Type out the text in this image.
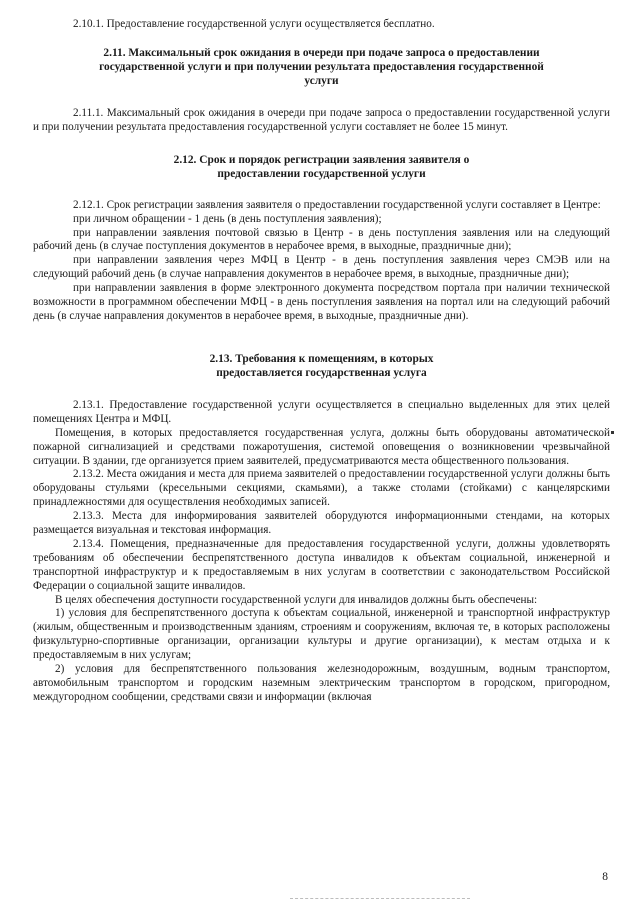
2.10.1. Предоставление государственной услуги осуществляется бесплатно.

2.11. Максимальный срок ожидания в очереди при подаче запроса о предоставлении государственной услуги и при получении результата предоставления государственной услуги

2.11.1. Максимальный срок ожидания в очереди при подаче запроса о предоставлении государственной услуги и при получении результата предоставления государственной услуги составляет не более 15 минут.

2.12. Срок и порядок регистрации заявления заявителя о предоставлении государственной услуги

2.12.1. Срок регистрации заявления заявителя о предоставлении государственной услуги составляет в Центре:

при личном обращении - 1 день (в день поступления заявления);

при направлении заявления почтовой связью в Центр - в день поступления заявления или на следующий рабочий день (в случае поступления документов в нерабочее время, в выходные, праздничные дни);

при направлении заявления через МФЦ в Центр - в день поступления заявления через СМЭВ или на следующий рабочий день (в случае направления документов в нерабочее время, в выходные, праздничные дни);

при направлении заявления в форме электронного документа посредством портала при наличии технической возможности в программном обеспечении МФЦ - в день поступления заявления на портал или на следующий рабочий день (в случае направления документов в нерабочее время, в выходные, праздничные дни).

2.13. Требования к помещениям, в которых предоставляется государственная услуга

2.13.1. Предоставление государственной услуги осуществляется в специально выделенных для этих целей помещениях Центра и МФЦ.

Помещения, в которых предоставляется государственная услуга, должны быть оборудованы автоматической пожарной сигнализацией и средствами пожаротушения, системой оповещения о возникновении чрезвычайной ситуации. В здании, где организуется прием заявителей, предусматриваются места общественного пользования.

2.13.2. Места ожидания и места для приема заявителей о предоставлении государственной услуги должны быть оборудованы стульями (кресельными секциями, скамьями), а также столами (стойками) с канцелярскими принадлежностями для осуществления необходимых записей.

2.13.3. Места для информирования заявителей оборудуются информационными стендами, на которых размещается визуальная и текстовая информация.

2.13.4. Помещения, предназначенные для предоставления государственной услуги, должны удовлетворять требованиям об обеспечении беспрепятственного доступа инвалидов к объектам социальной, инженерной и транспортной инфраструктур и к предоставляемым в них услугам в соответствии с законодательством Российской Федерации о социальной защите инвалидов.

В целях обеспечения доступности государственной услуги для инвалидов должны быть обеспечены:

1) условия для беспрепятственного доступа к объектам социальной, инженерной и транспортной инфраструктур (жилым, общественным и производственным зданиям, строениям и сооружениям, включая те, в которых расположены физкультурно-спортивные организации, организации культуры и другие организации), к местам отдыха и к предоставляемым в них услугам;

2) условия для беспрепятственного пользования железнодорожным, воздушным, водным транспортом, автомобильным транспортом и городским наземным электрическим транспортом в городском, пригородном, междугородном сообщении, средствами связи и информации (включая

8
